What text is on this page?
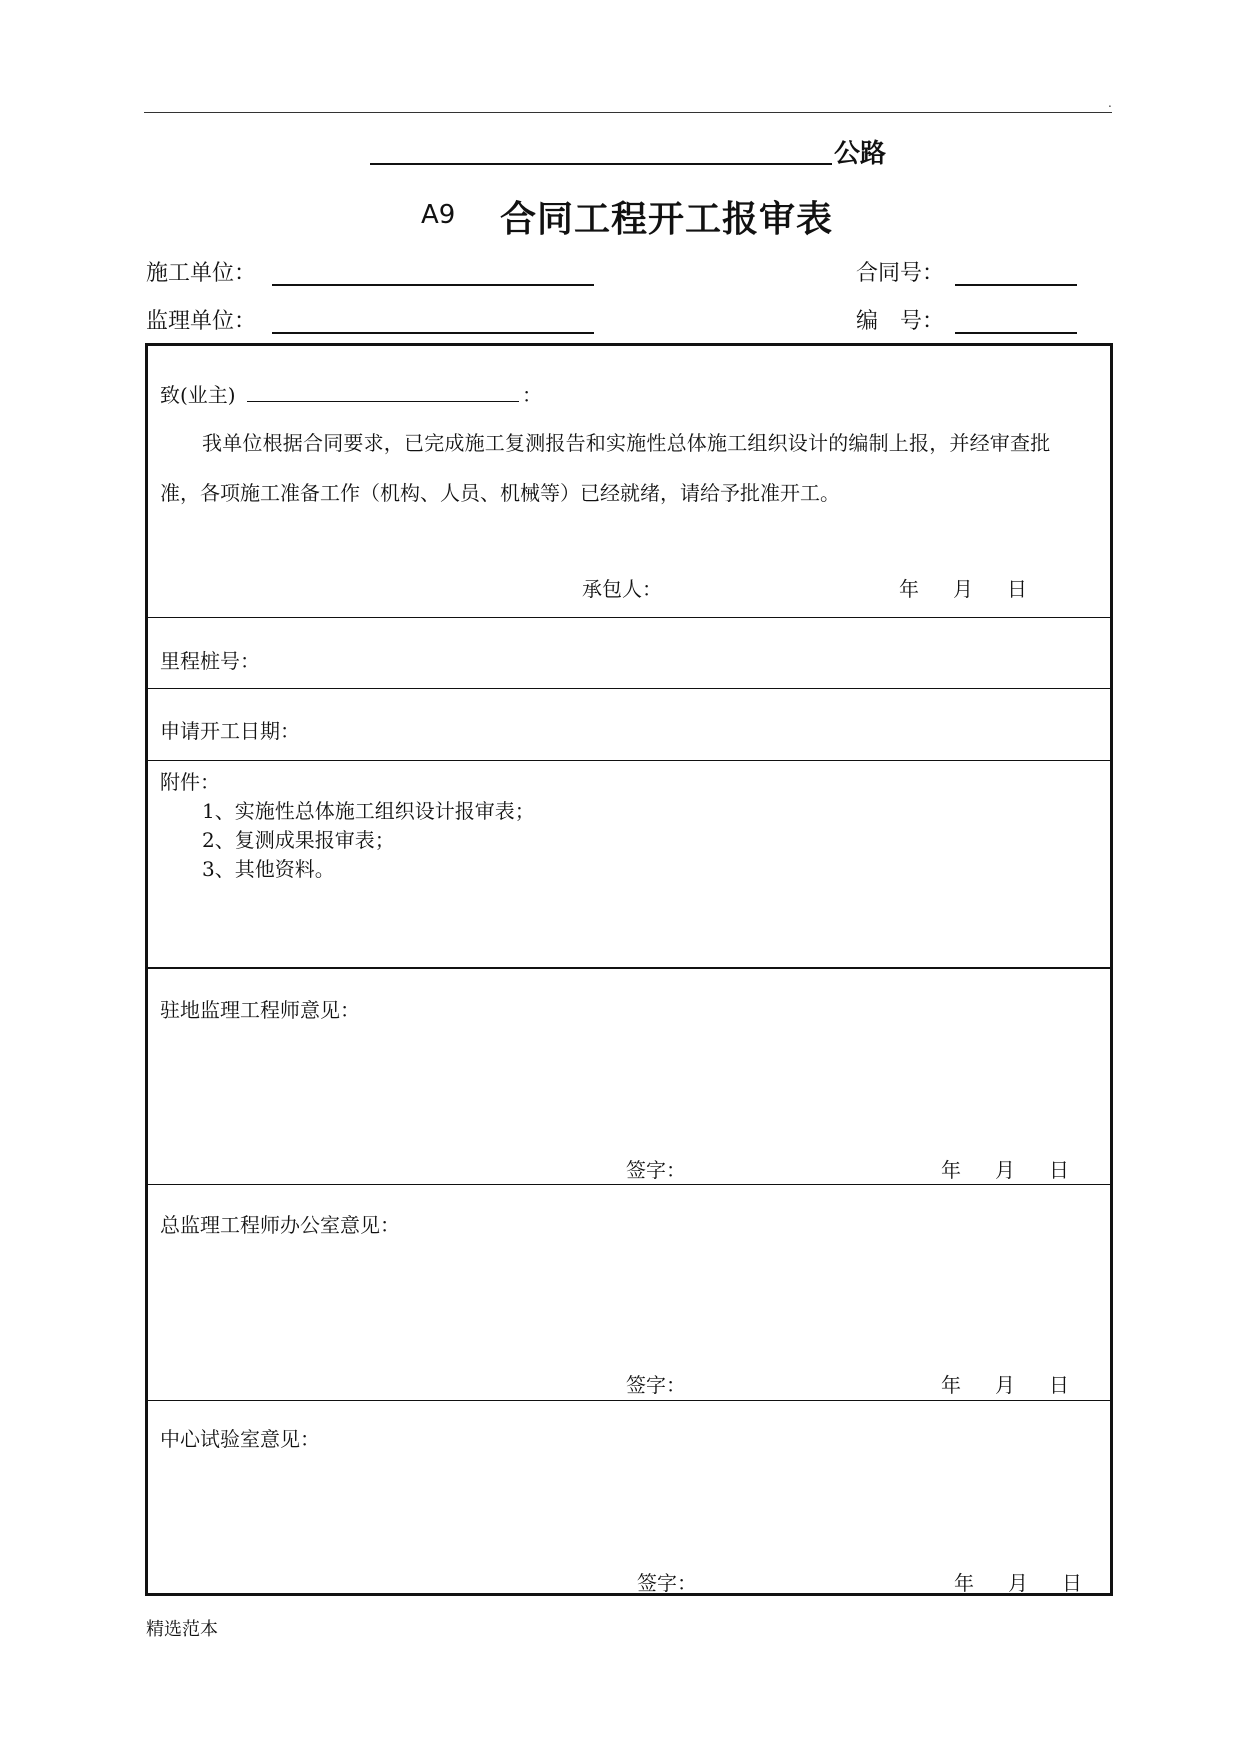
.
公路
A9 合同工程开工报审表
施工单位：	合同号：
监理单位：	编　号：
致(业主)	：
我单位根据合同要求，已完成施工复测报告和实施性总体施工组织设计的编制上报，并经审查批
准，各项施工准备工作（机构、人员、机械等）已经就绪，请给予批准开工。
承包人：	年 月 日
里程桩号：
申请开工日期：
附件：
1、实施性总体施工组织设计报审表；
2、复测成果报审表；
3、其他资料。
驻地监理工程师意见：
签字：	年 月 日
总监理工程师办公室意见：
签字：	年 月 日
中心试验室意见：
签字：	年 月 日
精选范本
